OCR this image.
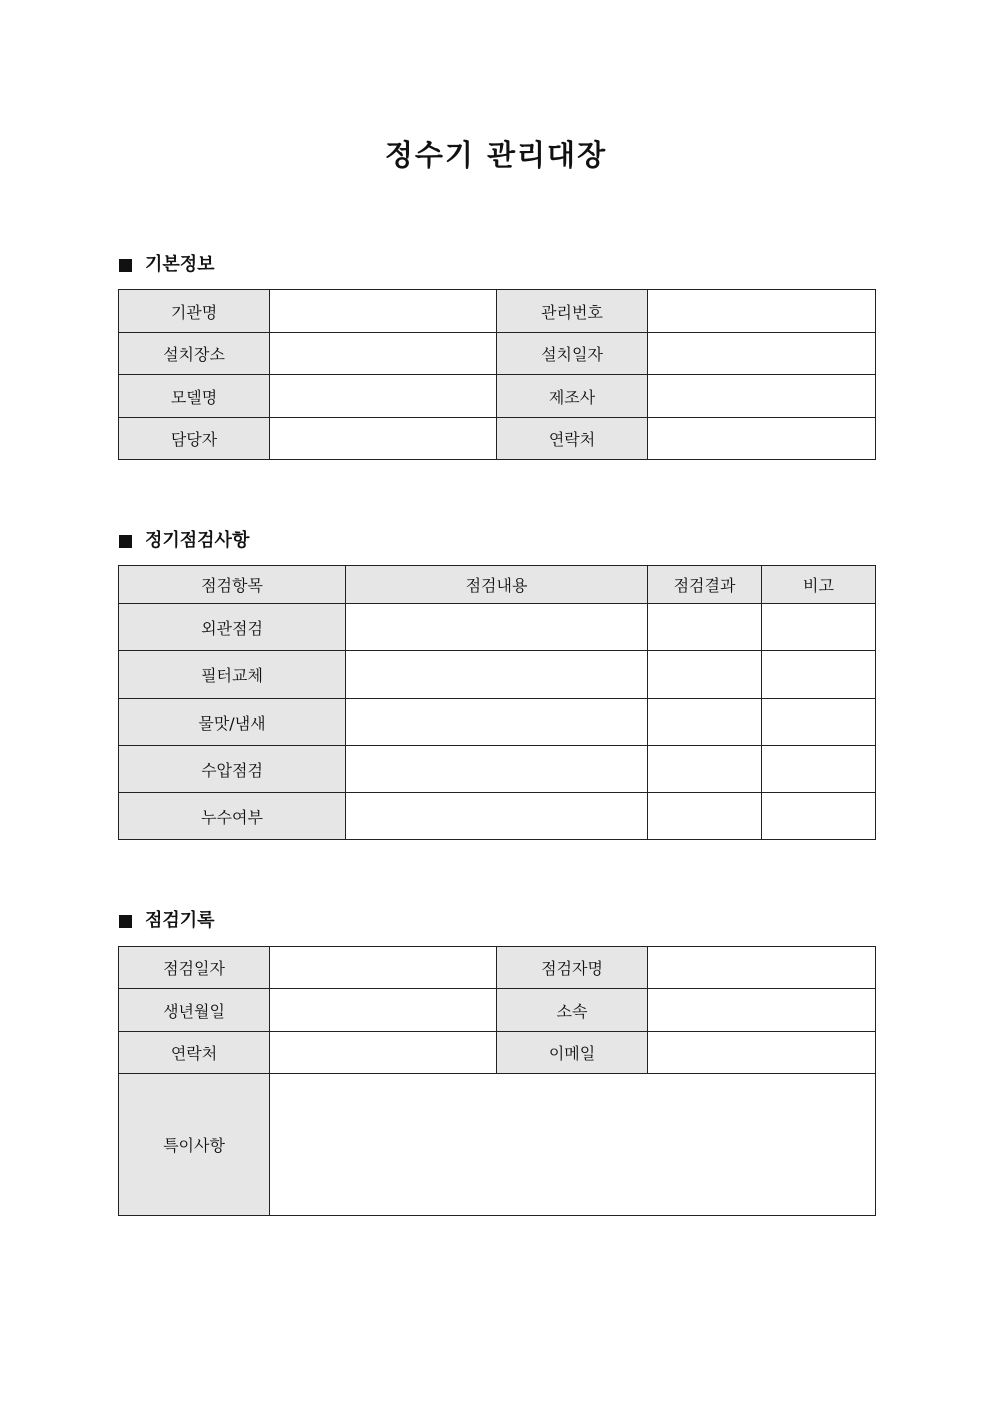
정수기 관리대장
기본정보
기관명		관리번호	
설치장소		설치일자	
모델명		제조사	
담당자		연락처	
정기점검사항
점검항목	점검내용	점검결과	비고
외관점검			
필터교체			
물맛/냄새			
수압점검			
누수여부			
점검기록
점검일자		점검자명	
생년월일		소속	
연락처		이메일	
특이사항			
